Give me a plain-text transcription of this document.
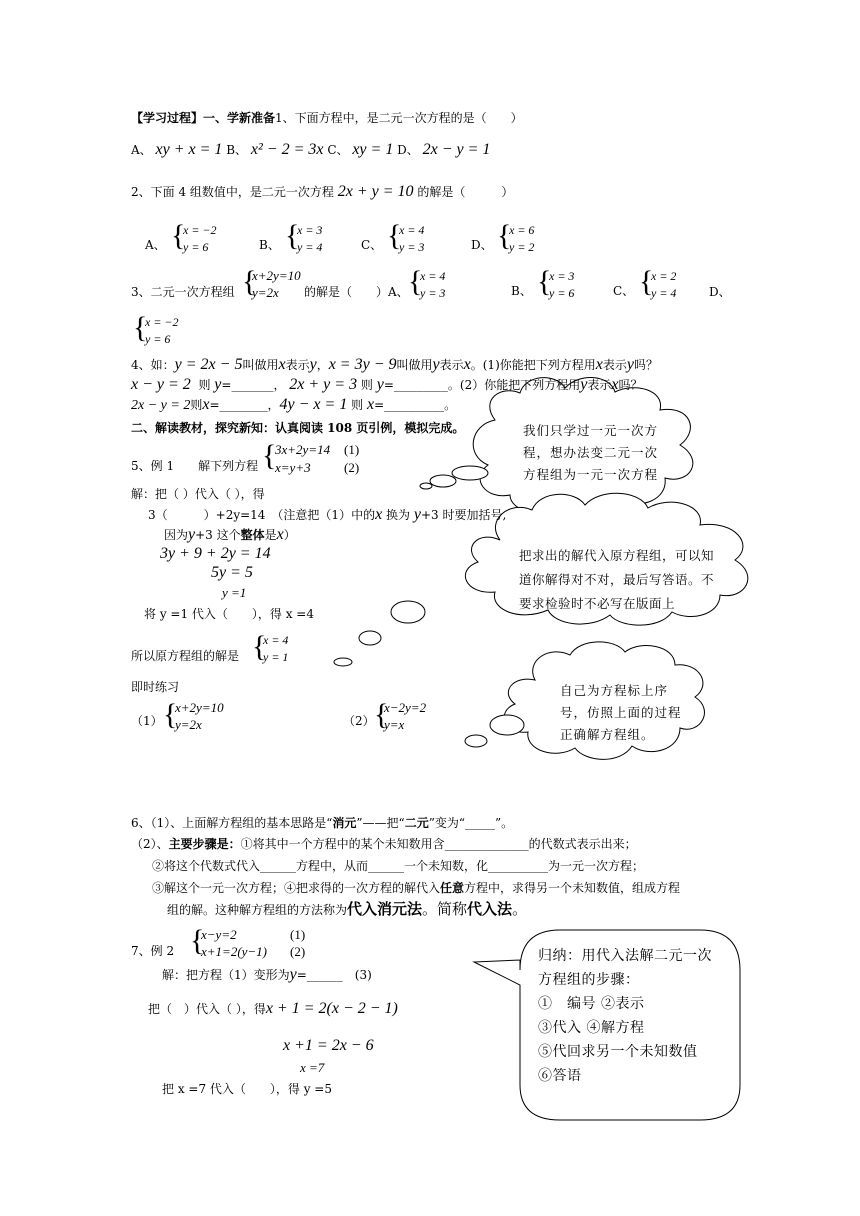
【学习过程】一、学新准备1、下面方程中，是二元一次方程的是（　　）
A、 xy + x = 1 B、 x² − 2 = 3x C、 xy = 1 D、 2x − y = 1
2、下面 4 组数值中，是二元一次方程 2x + y = 10 的解是（　　　）
A、 {
x = −2
y = 6	B、 {
x = 3
y = 4	C、 {
x = 4
y = 3	D、 {
x = 6
y = 2
3、二元一次方程组 {
x+2y=10
y=2x 的解是（　　）A、 {
x = 4
y = 3	B、 {
x = 3
y = 6	C、 {
x = 2
y = 4	D、
{
x = −2
y = 6
4、如：y = 2x − 5叫做用x表示y，x = 3y − 9叫做用y表示x。(1)你能把下列方程用x表示y吗？
x − y = 2 则 y=_______， 2x + y = 3 则 y=_________。(2）你能把下列方程用y表示x吗？
2x − y = 2则x=________，4y − x = 1 则 x=__________。
二、解读教材，探究新知：认真阅读 108 页引例，模拟完成。
5、例 1　　解下列方程 {
3x+2y=14
x=y+3
(1)
(2)
解：把（ ）代入（ ），得
3（　　　）+2y=14　（注意把（1）中的x 换为 y+3 时要加括号,
因为y+3 这个整体是x）
3y + 9 + 2y = 14
5y = 5
y =1
将 y =1 代入（　　），得 x =4
所以原方程组的解是 {
x = 4
y = 1
即时练习
（1） {
x+2y=10
y=2x	（2） {
x−2y=2
y=x
我们只学过一元一次方
程，想办法变二元一次
方程组为一元一次方程
把求出的解代入原方程组，可以知
道你解得对不对，最后写答语。不
要求检验时不必写在版面上
自己为方程标上序
号，仿照上面的过程
正确解方程组。
6、（1）、上面解方程组的基本思路是“消元”——把“二元”变为“_____”。
（2）、主要步骤是：①将其中一个方程中的某个未知数用含______________的代数式表示出来；
②将这个代数式代入______方程中，从而______一个未知数，化__________为一元一次方程；
③解这个一元一次方程；④把求得的一次方程的解代入任意方程中，求得另一个未知数值，组成方程
组的解。这种解方程组的方法称为代入消元法。简称代入法。
7、例 2 {
x−y=2
x+1=2(y−1)
(1)
(2)
解：把方程（1）变形为y=______　(3)
把（　）代入（ ），得x + 1 = 2(x − 2 − 1)
x +1 = 2x − 6
x =7
把 x =7 代入（　　），得 y =5
归纳：用代入法解二元一次
方程组的步骤：
①　编号 ②表示
③代入 ④解方程
⑤代回求另一个未知数值
⑥答语
